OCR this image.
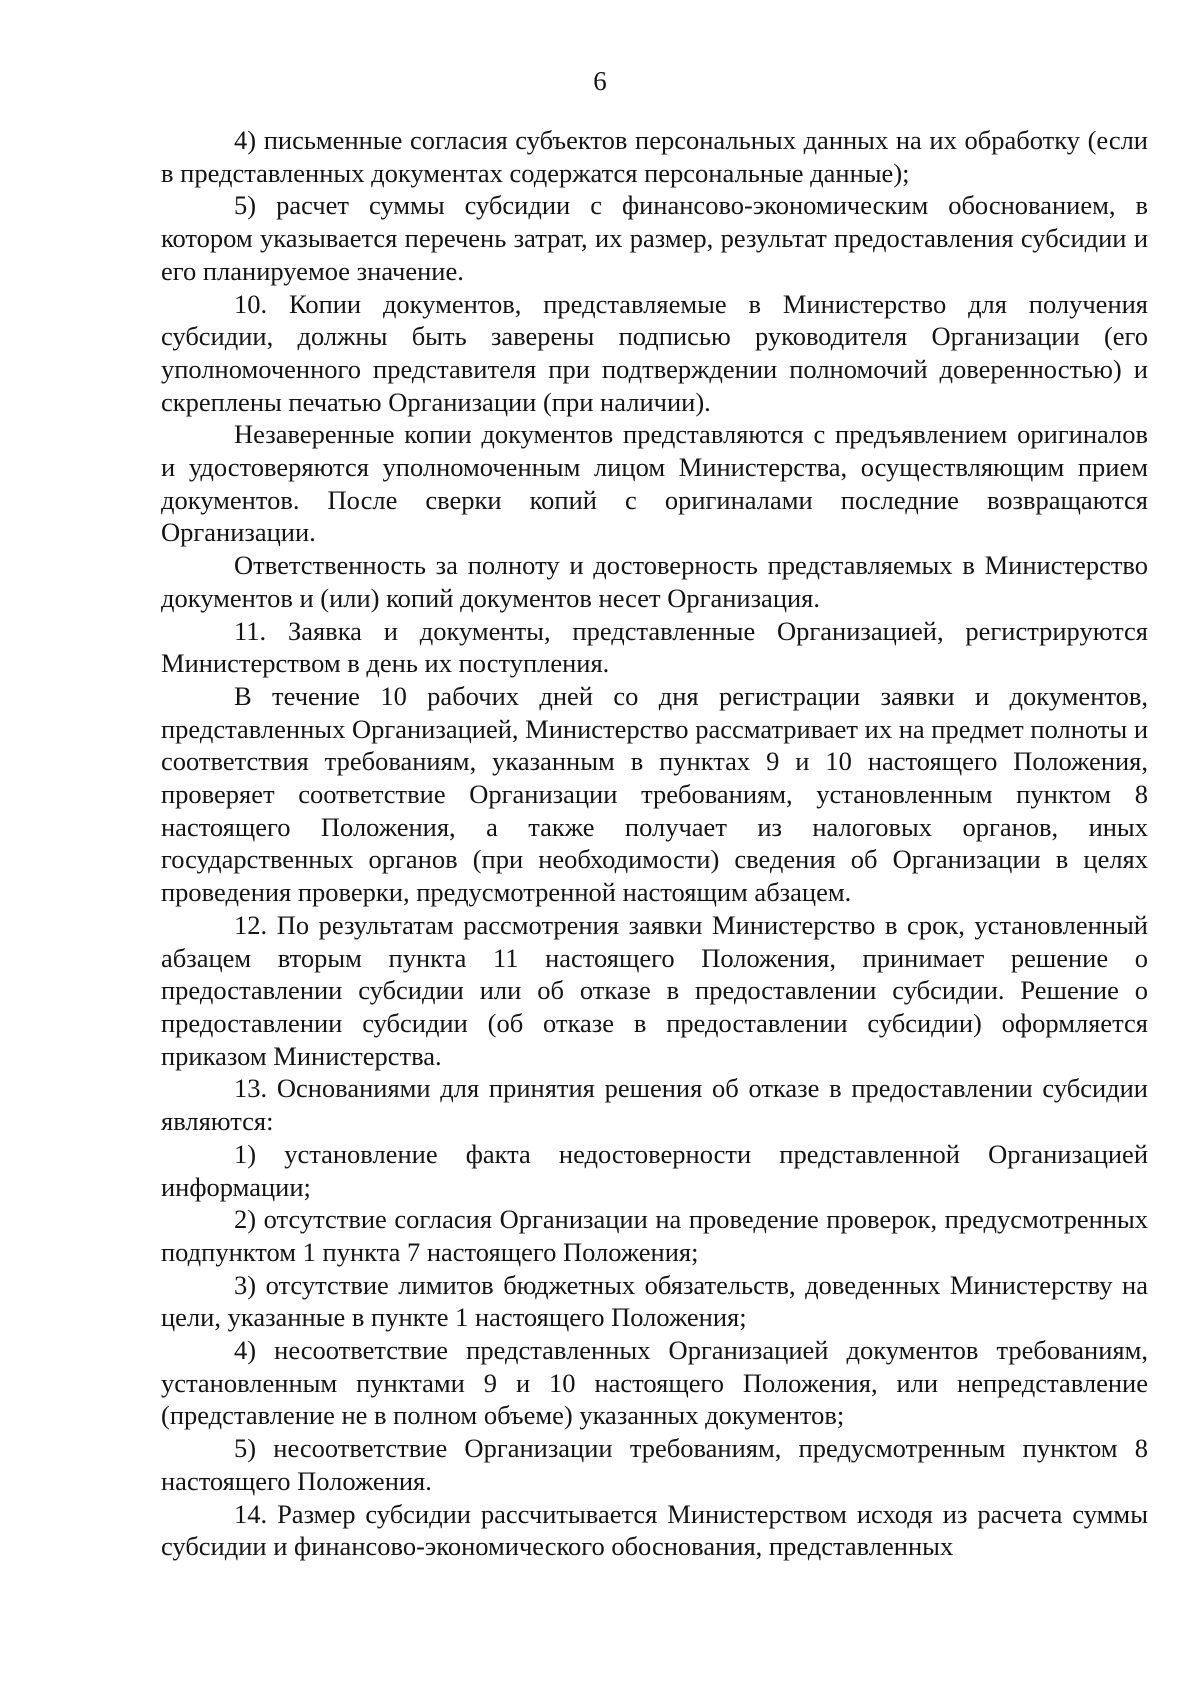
6

4) письменные согласия субъектов персональных данных на их обработку (если в представленных документах содержатся персональные данные);

5) расчет суммы субсидии с финансово-экономическим обоснованием, в котором указывается перечень затрат, их размер, результат предоставления субсидии и его планируемое значение.

10. Копии документов, представляемые в Министерство для получения субсидии, должны быть заверены подписью руководителя Организации (его уполномоченного представителя при подтверждении полномочий доверенностью) и скреплены печатью Организации (при наличии).

Незаверенные копии документов представляются с предъявлением оригиналов и удостоверяются уполномоченным лицом Министерства, осуществляющим прием документов. После сверки копий с оригиналами последние возвращаются Организации.

Ответственность за полноту и достоверность представляемых в Министерство документов и (или) копий документов несет Организация.

11. Заявка и документы, представленные Организацией, регистрируются Министерством в день их поступления.

В течение 10 рабочих дней со дня регистрации заявки и документов, представленных Организацией, Министерство рассматривает их на предмет полноты и соответствия требованиям, указанным в пунктах 9 и 10 настоящего Положения, проверяет соответствие Организации требованиям, установленным пунктом 8 настоящего Положения, а также получает из налоговых органов, иных государственных органов (при необходимости) сведения об Организации в целях проведения проверки, предусмотренной настоящим абзацем.

12. По результатам рассмотрения заявки Министерство в срок, установленный абзацем вторым пункта 11 настоящего Положения, принимает решение о предоставлении субсидии или об отказе в предоставлении субсидии. Решение о предоставлении субсидии (об отказе в предоставлении субсидии) оформляется приказом Министерства.

13. Основаниями для принятия решения об отказе в предоставлении субсидии являются:

1) установление факта недостоверности представленной Организацией информации;

2) отсутствие согласия Организации на проведение проверок, предусмотренных подпунктом 1 пункта 7 настоящего Положения;

3) отсутствие лимитов бюджетных обязательств, доведенных Министерству на цели, указанные в пункте 1 настоящего Положения;

4) несоответствие представленных Организацией документов требованиям, установленным пунктами 9 и 10 настоящего Положения, или непредставление (представление не в полном объеме) указанных документов;

5) несоответствие Организации требованиям, предусмотренным пунктом 8 настоящего Положения.

14. Размер субсидии рассчитывается Министерством исходя из расчета суммы субсидии и финансово-экономического обоснования, представленных
